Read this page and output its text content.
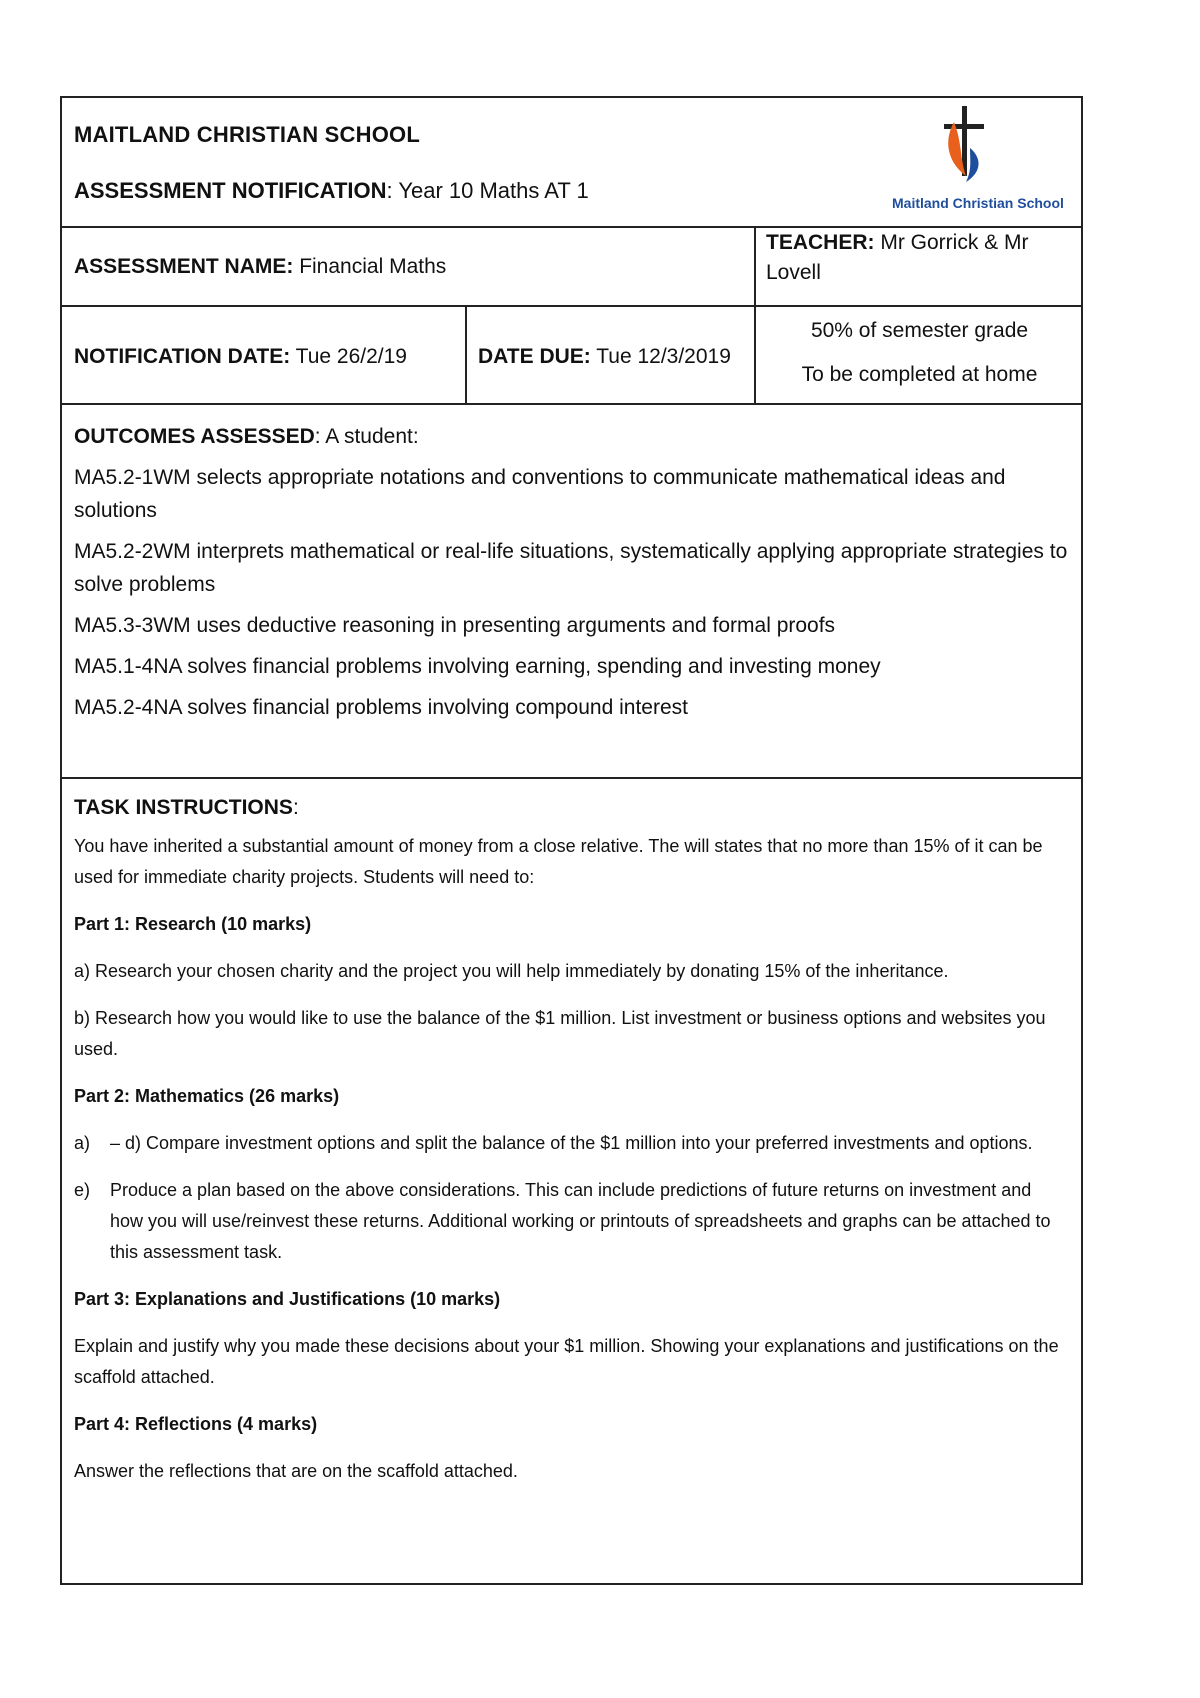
MAITLAND CHRISTIAN SCHOOL
ASSESSMENT NOTIFICATION: Year 10 Maths AT 1	Maitland Christian School
ASSESSMENT NAME: Financial Maths
TEACHER: Mr Gorrick & Mr Lovell
NOTIFICATION DATE: Tue 26/2/19	DATE DUE: Tue 12/3/2019
50% of semester grade
To be completed at home

OUTCOMES ASSESSED: A student:

MA5.2-1WM selects appropriate notations and conventions to communicate mathematical ideas and solutions

MA5.2-2WM interprets mathematical or real-life situations, systematically applying appropriate strategies to solve problems

MA5.3-3WM uses deductive reasoning in presenting arguments and formal proofs

MA5.1-4NA solves financial problems involving earning, spending and investing money

MA5.2-4NA solves financial problems involving compound interest

TASK INSTRUCTIONS:

You have inherited a substantial amount of money from a close relative. The will states that no more than 15% of it can be used for immediate charity projects. Students will need to:

Part 1: Research (10 marks)

a) Research your chosen charity and the project you will help immediately by donating 15% of the inheritance.

b) Research how you would like to use the balance of the $1 million. List investment or business options and websites you used.

Part 2: Mathematics (26 marks)

a)	– d) Compare investment options and split the balance of the $1 million into your preferred investments and options.
e)	Produce a plan based on the above considerations. This can include predictions of future returns on investment and how you will use/reinvest these returns. Additional working or printouts of spreadsheets and graphs can be attached to this assessment task.

Part 3: Explanations and Justifications (10 marks)

Explain and justify why you made these decisions about your $1 million. Showing your explanations and justifications on the scaffold attached.

Part 4: Reflections (4 marks)

Answer the reflections that are on the scaffold attached.
